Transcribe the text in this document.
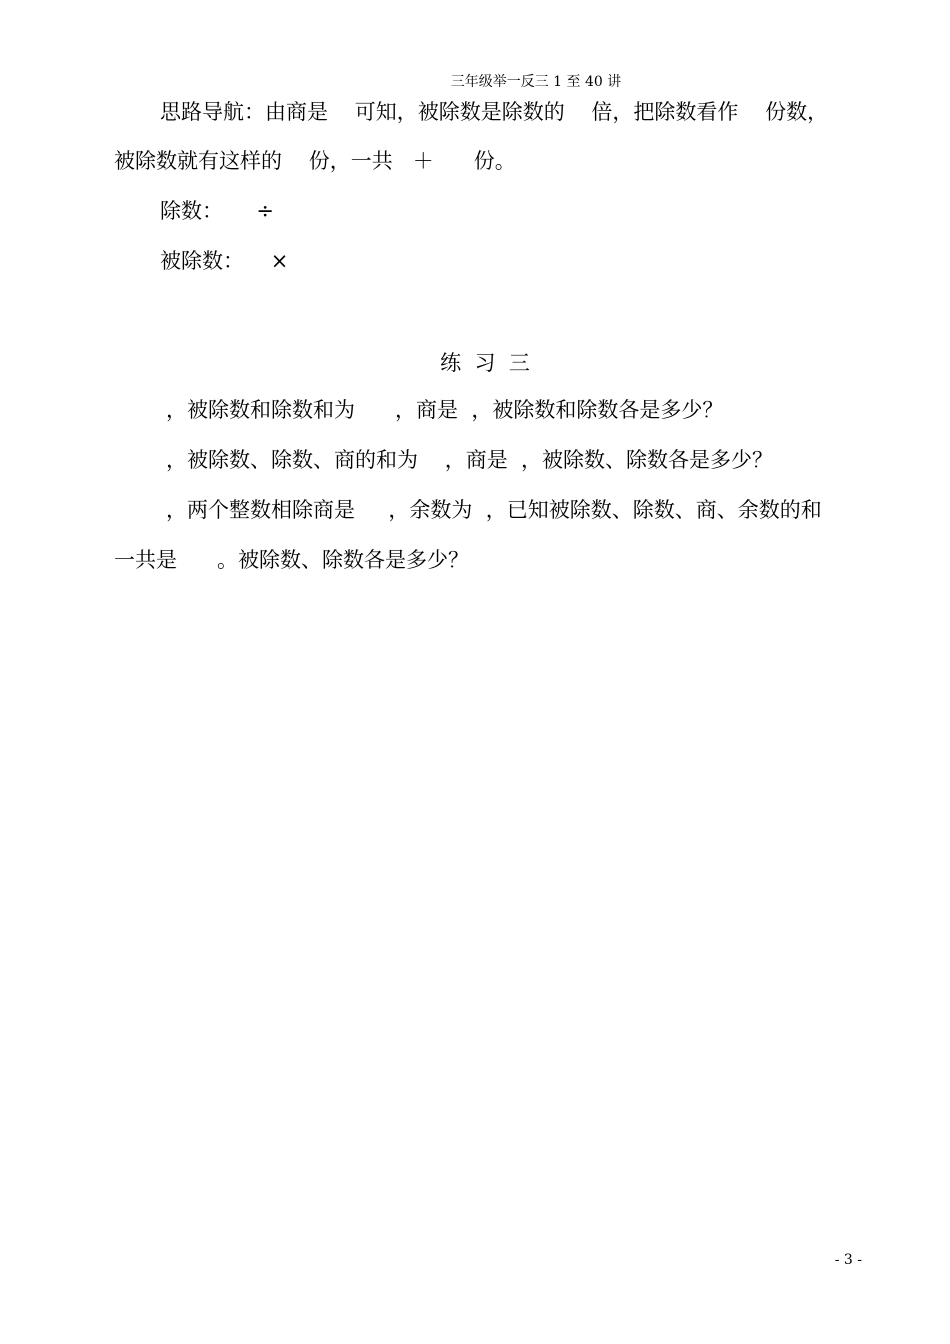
三年级举一反三 1 至 40 讲
思路导航：由商是    可知，被除数是除数的    倍，把除数看作    份数，
被除数就有这样的    份，一共   ＋      份。
除数：     ÷
被除数：    ×
练  习  三
，被除数和除数和为      ，商是  ，被除数和除数各是多少？
，被除数、除数、商的和为    ，商是  ，被除数、除数各是多少？
，两个整数相除商是     ，余数为  ，已知被除数、除数、商、余数的和
一共是      。被除数、除数各是多少？
- 3 -
